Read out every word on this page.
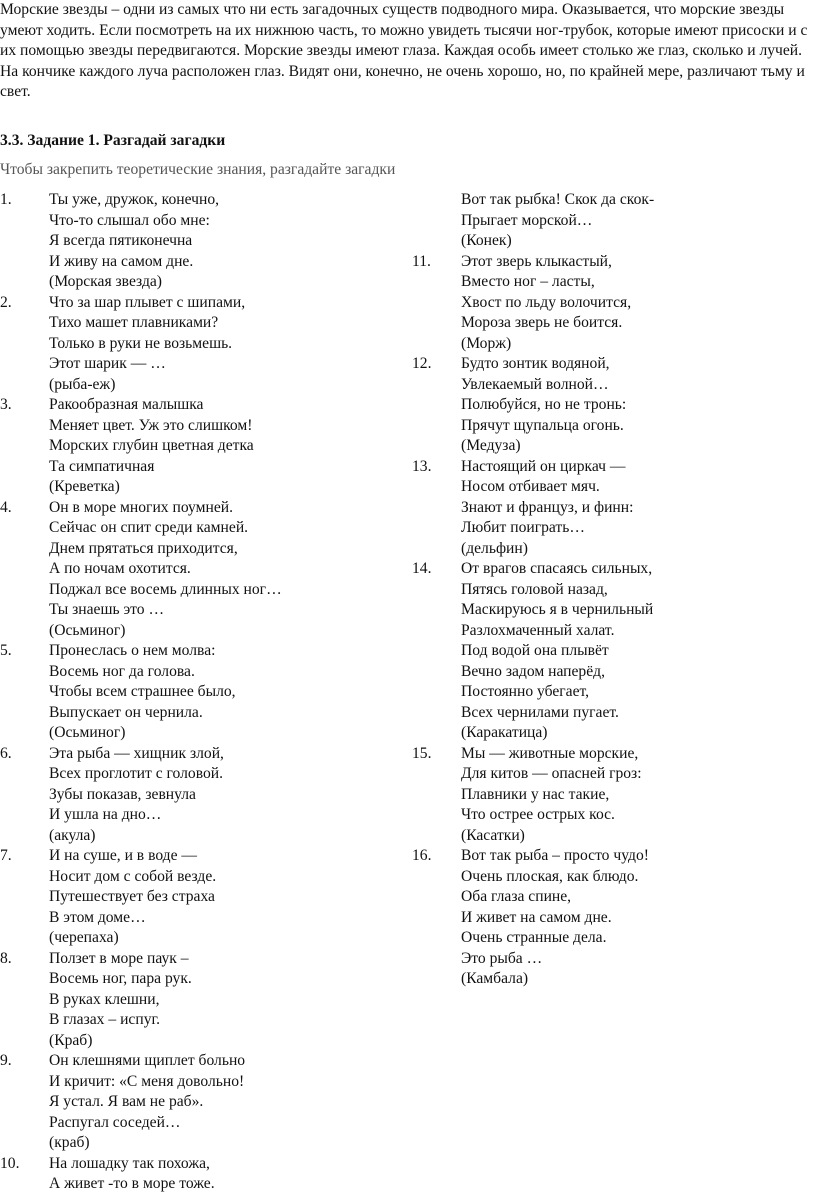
Морские звезды – одни из самых что ни есть загадочных существ подводного мира. Оказывается, что морские звезды умеют ходить. Если посмотреть на их нижнюю часть, то можно увидеть тысячи ног-трубок, которые имеют присоски и с их помощью звезды передвигаются. Морские звезды имеют глаза. Каждая особь имеет столько же глаз, сколько и лучей. На кончике каждого луча расположен глаз. Видят они, конечно, не очень хорошо, но, по крайней мере, различают тьму и свет.

3.3. Задание 1. Разгадай загадки

Чтобы закрепить теоретические знания, разгадайте загадки

1. Ты уже, дружок, конечно,
Что-то слышал обо мне:
Я всегда пятиконечна
И живу на самом дне.
(Морская звезда)
2. Что за шар плывет с шипами,
Тихо машет плавниками?
Только в руки не возьмешь.
Этот шарик — …
(рыба-еж)
3. Ракообразная малышка
Меняет цвет. Уж это слишком!
Морских глубин цветная детка
Та симпатичная
(Креветка)
4. Он в море многих поумней.
Сейчас он спит среди камней.
Днем прятаться приходится,
А по ночам охотится.
Поджал все восемь длинных ног…
Ты знаешь это …
(Осьминог)
5. Пронеслась о нем молва:
Восемь ног да голова.
Чтобы всем страшнее было,
Выпускает он чернила.
(Осьминог)
6. Эта рыба — хищник злой,
Всех проглотит с головой.
Зубы показав, зевнула
И ушла на дно…
(акула)
7. И на суше, и в воде —
Носит дом с собой везде.
Путешествует без страха
В этом доме…
(черепаха)
8. Ползет в море паук –
Восемь ног, пара рук.
В руках клешни,
В глазах – испуг.
(Краб)
9. Он клешнями щиплет больно
И кричит: «С меня довольно!
Я устал. Я вам не раб».
Распугал соседей…
(краб)
10. На лошадку так похожа,
А живет -то в море тоже.
Вот так рыбка! Скок да скок-
Прыгает морской…
(Конек)
11. Этот зверь клыкастый,
Вместо ног – ласты,
Хвост по льду волочится,
Мороза зверь не боится.
(Морж)
12. Будто зонтик водяной,
Увлекаемый волной…
Полюбуйся, но не тронь:
Прячут щупальца огонь.
(Медуза)
13. Настоящий он циркач —
Носом отбивает мяч.
Знают и француз, и финн:
Любит поиграть…
(дельфин)
14. От врагов спасаясь сильных,
Пятясь головой назад,
Маскируюсь я в чернильный
Разлохмаченный халат.
Под водой она плывёт
Вечно задом наперёд,
Постоянно убегает,
Всех чернилами пугает.
(Каракатица)
15. Мы — животные морские,
Для китов — опасней гроз:
Плавники у нас такие,
Что острее острых кос.
(Касатки)
16. Вот так рыба – просто чудо!
Очень плоская, как блюдо.
Оба глаза спине,
И живет на самом дне.
Очень странные дела.
Это рыба …
(Камбала)
